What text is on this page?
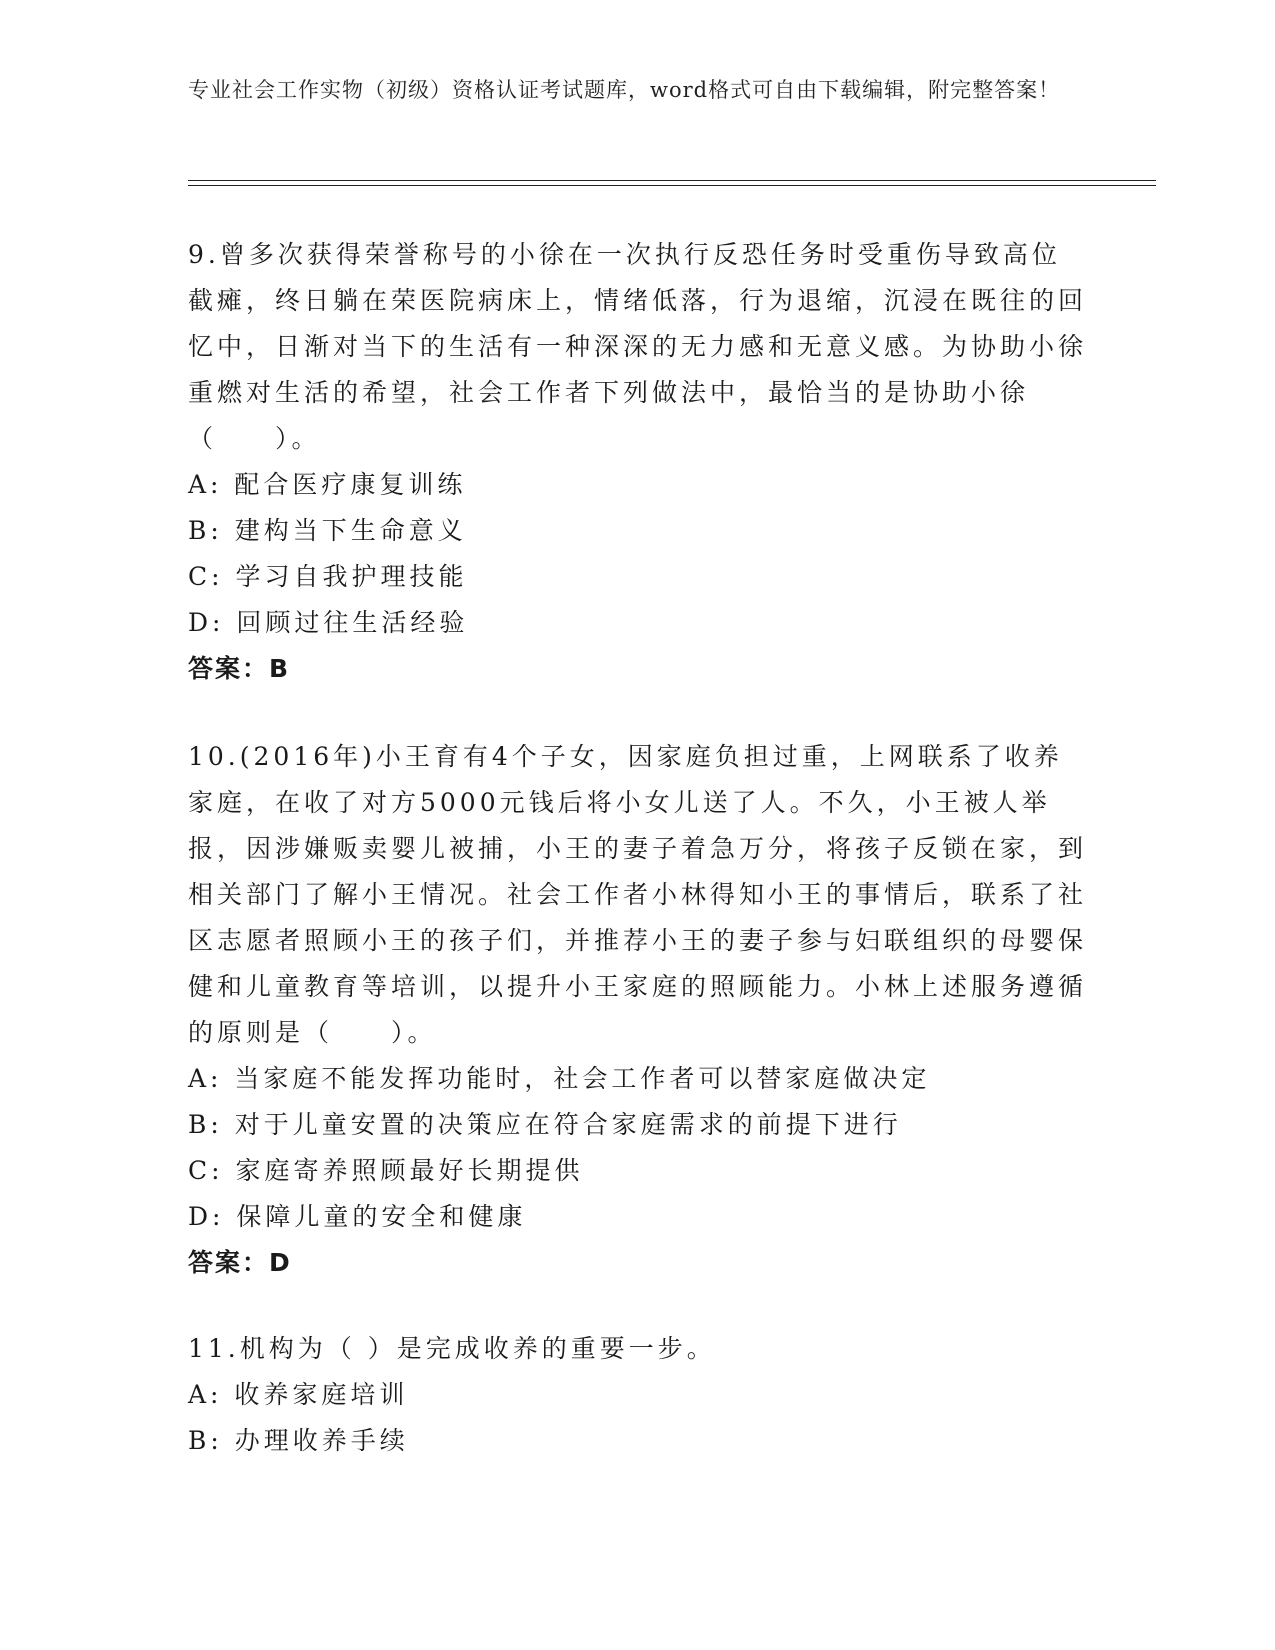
专业社会工作实物（初级）资格认证考试题库，word格式可自由下载编辑，附完整答案！

9.曾多次获得荣誉称号的小徐在一次执行反恐任务时受重伤导致高位截瘫，终日躺在荣医院病床上，情绪低落，行为退缩，沉浸在既往的回忆中，日渐对当下的生活有一种深深的无力感和无意义感。为协助小徐重燃对生活的希望，社会工作者下列做法中，最恰当的是协助小徐（　　）。

A: 配合医疗康复训练

B: 建构当下生命意义

C: 学习自我护理技能

D: 回顾过往生活经验

答案：B

10.(2016年)小王育有4个子女，因家庭负担过重，上网联系了收养家庭，在收了对方5000元钱后将小女儿送了人。不久，小王被人举报，因涉嫌贩卖婴儿被捕，小王的妻子着急万分，将孩子反锁在家，到相关部门了解小王情况。社会工作者小林得知小王的事情后，联系了社区志愿者照顾小王的孩子们，并推荐小王的妻子参与妇联组织的母婴保健和儿童教育等培训，以提升小王家庭的照顾能力。小林上述服务遵循的原则是（　　）。

A: 当家庭不能发挥功能时，社会工作者可以替家庭做决定

B: 对于儿童安置的决策应在符合家庭需求的前提下进行

C: 家庭寄养照顾最好长期提供

D: 保障儿童的安全和健康

答案：D

11.机构为（ ）是完成收养的重要一步。

A: 收养家庭培训

B: 办理收养手续
